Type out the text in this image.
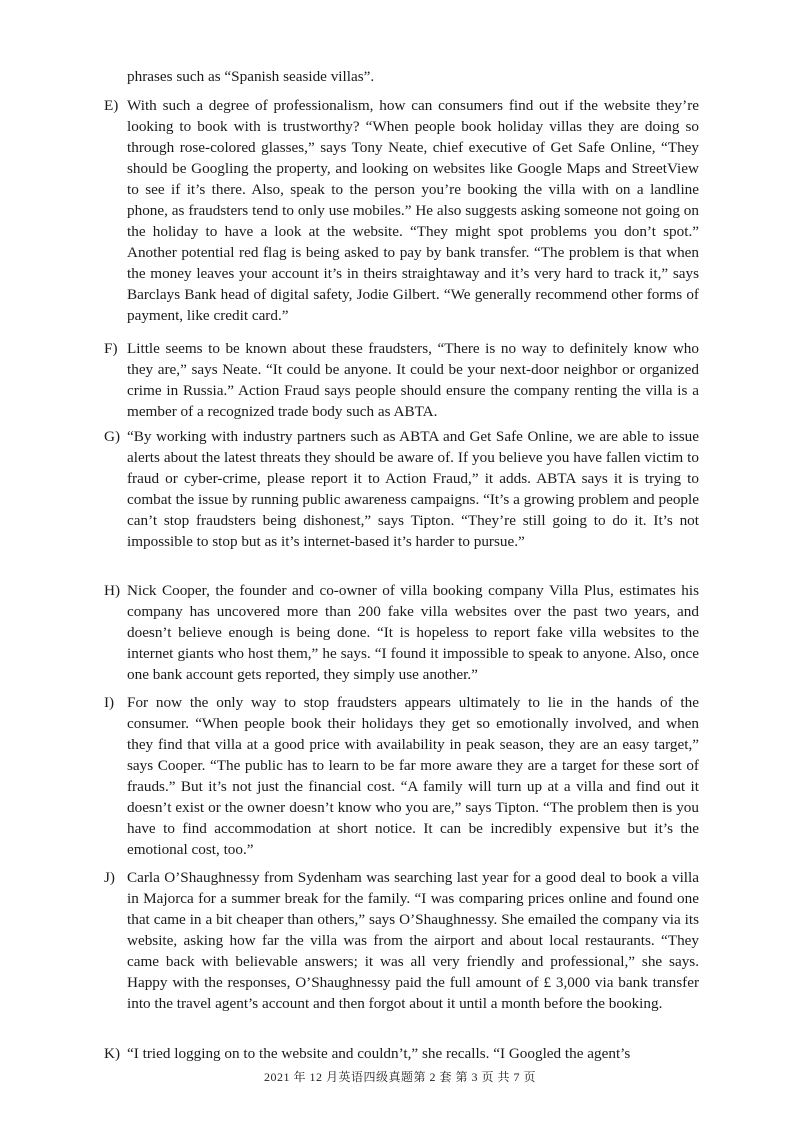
phrases such as “Spanish seaside villas”.
E) With such a degree of professionalism, how can consumers find out if the website they’re looking to book with is trustworthy? “When people book holiday villas they are doing so through rose-colored glasses,” says Tony Neate, chief executive of Get Safe Online, “They should be Googling the property, and looking on websites like Google Maps and StreetView to see if it’s there. Also, speak to the person you’re booking the villa with on a landline phone, as fraudsters tend to only use mobiles.” He also suggests asking someone not going on the holiday to have a look at the website. “They might spot problems you don’t spot.” Another potential red flag is being asked to pay by bank transfer. “The problem is that when the money leaves your account it’s in theirs straightaway and it’s very hard to track it,” says Barclays Bank head of digital safety, Jodie Gilbert. “We generally recommend other forms of payment, like credit card.”
F) Little seems to be known about these fraudsters, “There is no way to definitely know who they are,” says Neate. “It could be anyone. It could be your next-door neighbor or organized crime in Russia.” Action Fraud says people should ensure the company renting the villa is a member of a recognized trade body such as ABTA.
G) “By working with industry partners such as ABTA and Get Safe Online, we are able to issue alerts about the latest threats they should be aware of. If you believe you have fallen victim to fraud or cyber-crime, please report it to Action Fraud,” it adds. ABTA says it is trying to combat the issue by running public awareness campaigns. “It’s a growing problem and people can’t stop fraudsters being dishonest,” says Tipton. “They’re still going to do it. It’s not impossible to stop but as it’s internet-based it’s harder to pursue.”
H) Nick Cooper, the founder and co-owner of villa booking company Villa Plus, estimates his company has uncovered more than 200 fake villa websites over the past two years, and doesn’t believe enough is being done. “It is hopeless to report fake villa websites to the internet giants who host them,” he says. “I found it impossible to speak to anyone. Also, once one bank account gets reported, they simply use another.”
I) For now the only way to stop fraudsters appears ultimately to lie in the hands of the consumer. “When people book their holidays they get so emotionally involved, and when they find that villa at a good price with availability in peak season, they are an easy target,” says Cooper. “The public has to learn to be far more aware they are a target for these sort of frauds.” But it’s not just the financial cost. “A family will turn up at a villa and find out it doesn’t exist or the owner doesn’t know who you are,” says Tipton. “The problem then is you have to find accommodation at short notice. It can be incredibly expensive but it’s the emotional cost, too.”
J) Carla O’Shaughnessy from Sydenham was searching last year for a good deal to book a villa in Majorca for a summer break for the family. “I was comparing prices online and found one that came in a bit cheaper than others,” says O’Shaughnessy. She emailed the company via its website, asking how far the villa was from the airport and about local restaurants. “They came back with believable answers; it was all very friendly and professional,” she says. Happy with the responses, O’Shaughnessy paid the full amount of £ 3,000 via bank transfer into the travel agent’s account and then forgot about it until a month before the booking.
K) “I tried logging on to the website and couldn’t,” she recalls. “I Googled the agent’s
2021 年 12 月英语四级真题第 2 套 第 3 页 共 7 页
